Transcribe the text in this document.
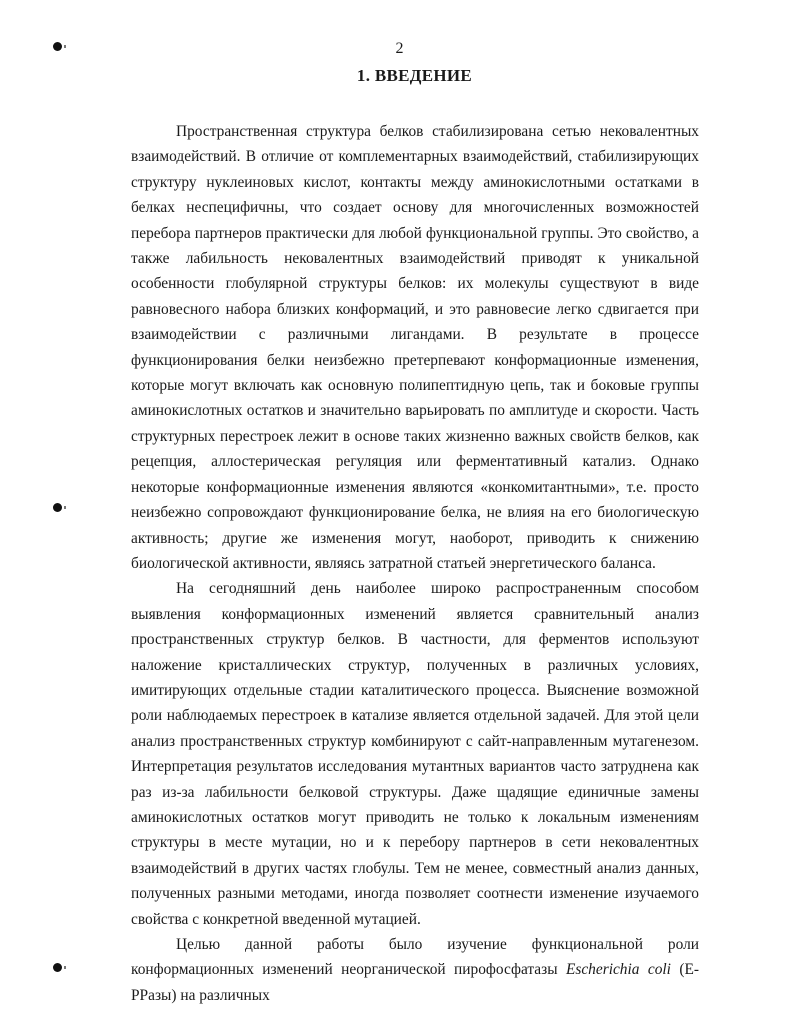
2
1. ВВЕДЕНИЕ

Пространственная структура белков стабилизирована сетью нековалентных взаимодействий. В отличие от комплементарных взаимодействий, стабилизирующих структуру нуклеиновых кислот, контакты между аминокислотными остатками в белках неспецифичны, что создает основу для многочисленных возможностей перебора партнеров практически для любой функциональной группы. Это свойство, а также лабильность нековалентных взаимодействий приводят к уникальной особенности глобулярной структуры белков: их молекулы существуют в виде равновесного набора близких конформаций, и это равновесие легко сдвигается при взаимодействии с различными лигандами. В результате в процессе функционирования белки неизбежно претерпевают конформационные изменения, которые могут включать как основную полипептидную цепь, так и боковые группы аминокислотных остатков и значительно варьировать по амплитуде и скорости. Часть структурных перестроек лежит в основе таких жизненно важных свойств белков, как рецепция, аллостерическая регуляция или ферментативный катализ. Однако некоторые конформационные изменения являются «конкомитантными», т.е. просто неизбежно сопровождают функционирование белка, не влияя на его биологическую активность; другие же изменения могут, наоборот, приводить к снижению биологической активности, являясь затратной статьей энергетического баланса.

На сегодняшний день наиболее широко распространенным способом выявления конформационных изменений является сравнительный анализ пространственных структур белков. В частности, для ферментов используют наложение кристаллических структур, полученных в различных условиях, имитирующих отдельные стадии каталитического процесса. Выяснение возможной роли наблюдаемых перестроек в катализе является отдельной задачей. Для этой цели анализ пространственных структур комбинируют с сайт-направленным мутагенезом. Интерпретация результатов исследования мутантных вариантов часто затруднена как раз из-за лабильности белковой структуры. Даже щадящие единичные замены аминокислотных остатков могут приводить не только к локальным изменениям структуры в месте мутации, но и к перебору партнеров в сети нековалентных взаимодействий в других частях глобулы. Тем не менее, совместный анализ данных, полученных разными методами, иногда позволяет соотнести изменение изучаемого свойства с конкретной введенной мутацией.

Целью данной работы было изучение функциональной роли конформационных изменений неорганической пирофосфатазы Escherichia coli (E-PPазы) на различных
